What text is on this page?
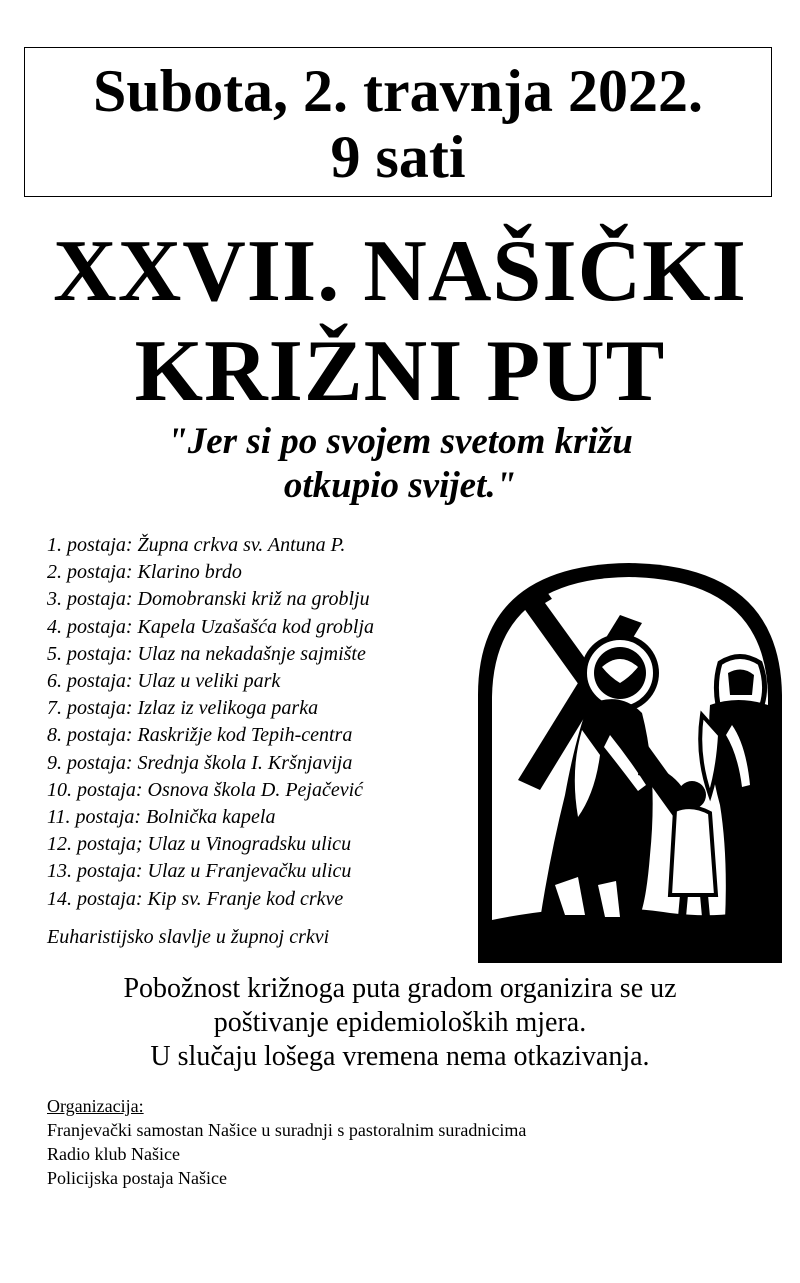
Subota, 2. travnja 2022.
9 sati
XXVII. NAŠIČKI
KRIŽNI PUT
"Jer si po svojem svetom križu
otkupio svijet."
1. postaja: Župna crkva sv. Antuna P.
2. postaja: Klarino brdo
3. postaja: Domobranski križ na groblju
4. postaja: Kapela Uzašašća kod groblja
5. postaja: Ulaz na nekadašnje sajmište
6. postaja: Ulaz u veliki park
7. postaja: Izlaz iz velikoga parka
8. postaja: Raskrižje kod Tepih-centra
9. postaja: Srednja škola I. Kršnjavija
10. postaja: Osnova škola D. Pejačević
11. postaja: Bolnička kapela
12. postaja; Ulaz u Vinogradsku ulicu
13. postaja: Ulaz u Franjevačku ulicu
14. postaja: Kip sv. Franje kod crkve
Euharistijsko slavlje u župnoj crkvi
Pobožnost križnoga puta gradom organizira se uz
poštivanje epidemioloških mjera.
U slučaju lošega vremena nema otkazivanja.
Organizacija:
Franjevački samostan Našice u suradnji s pastoralnim suradnicima
Radio klub Našice
Policijska postaja Našice
